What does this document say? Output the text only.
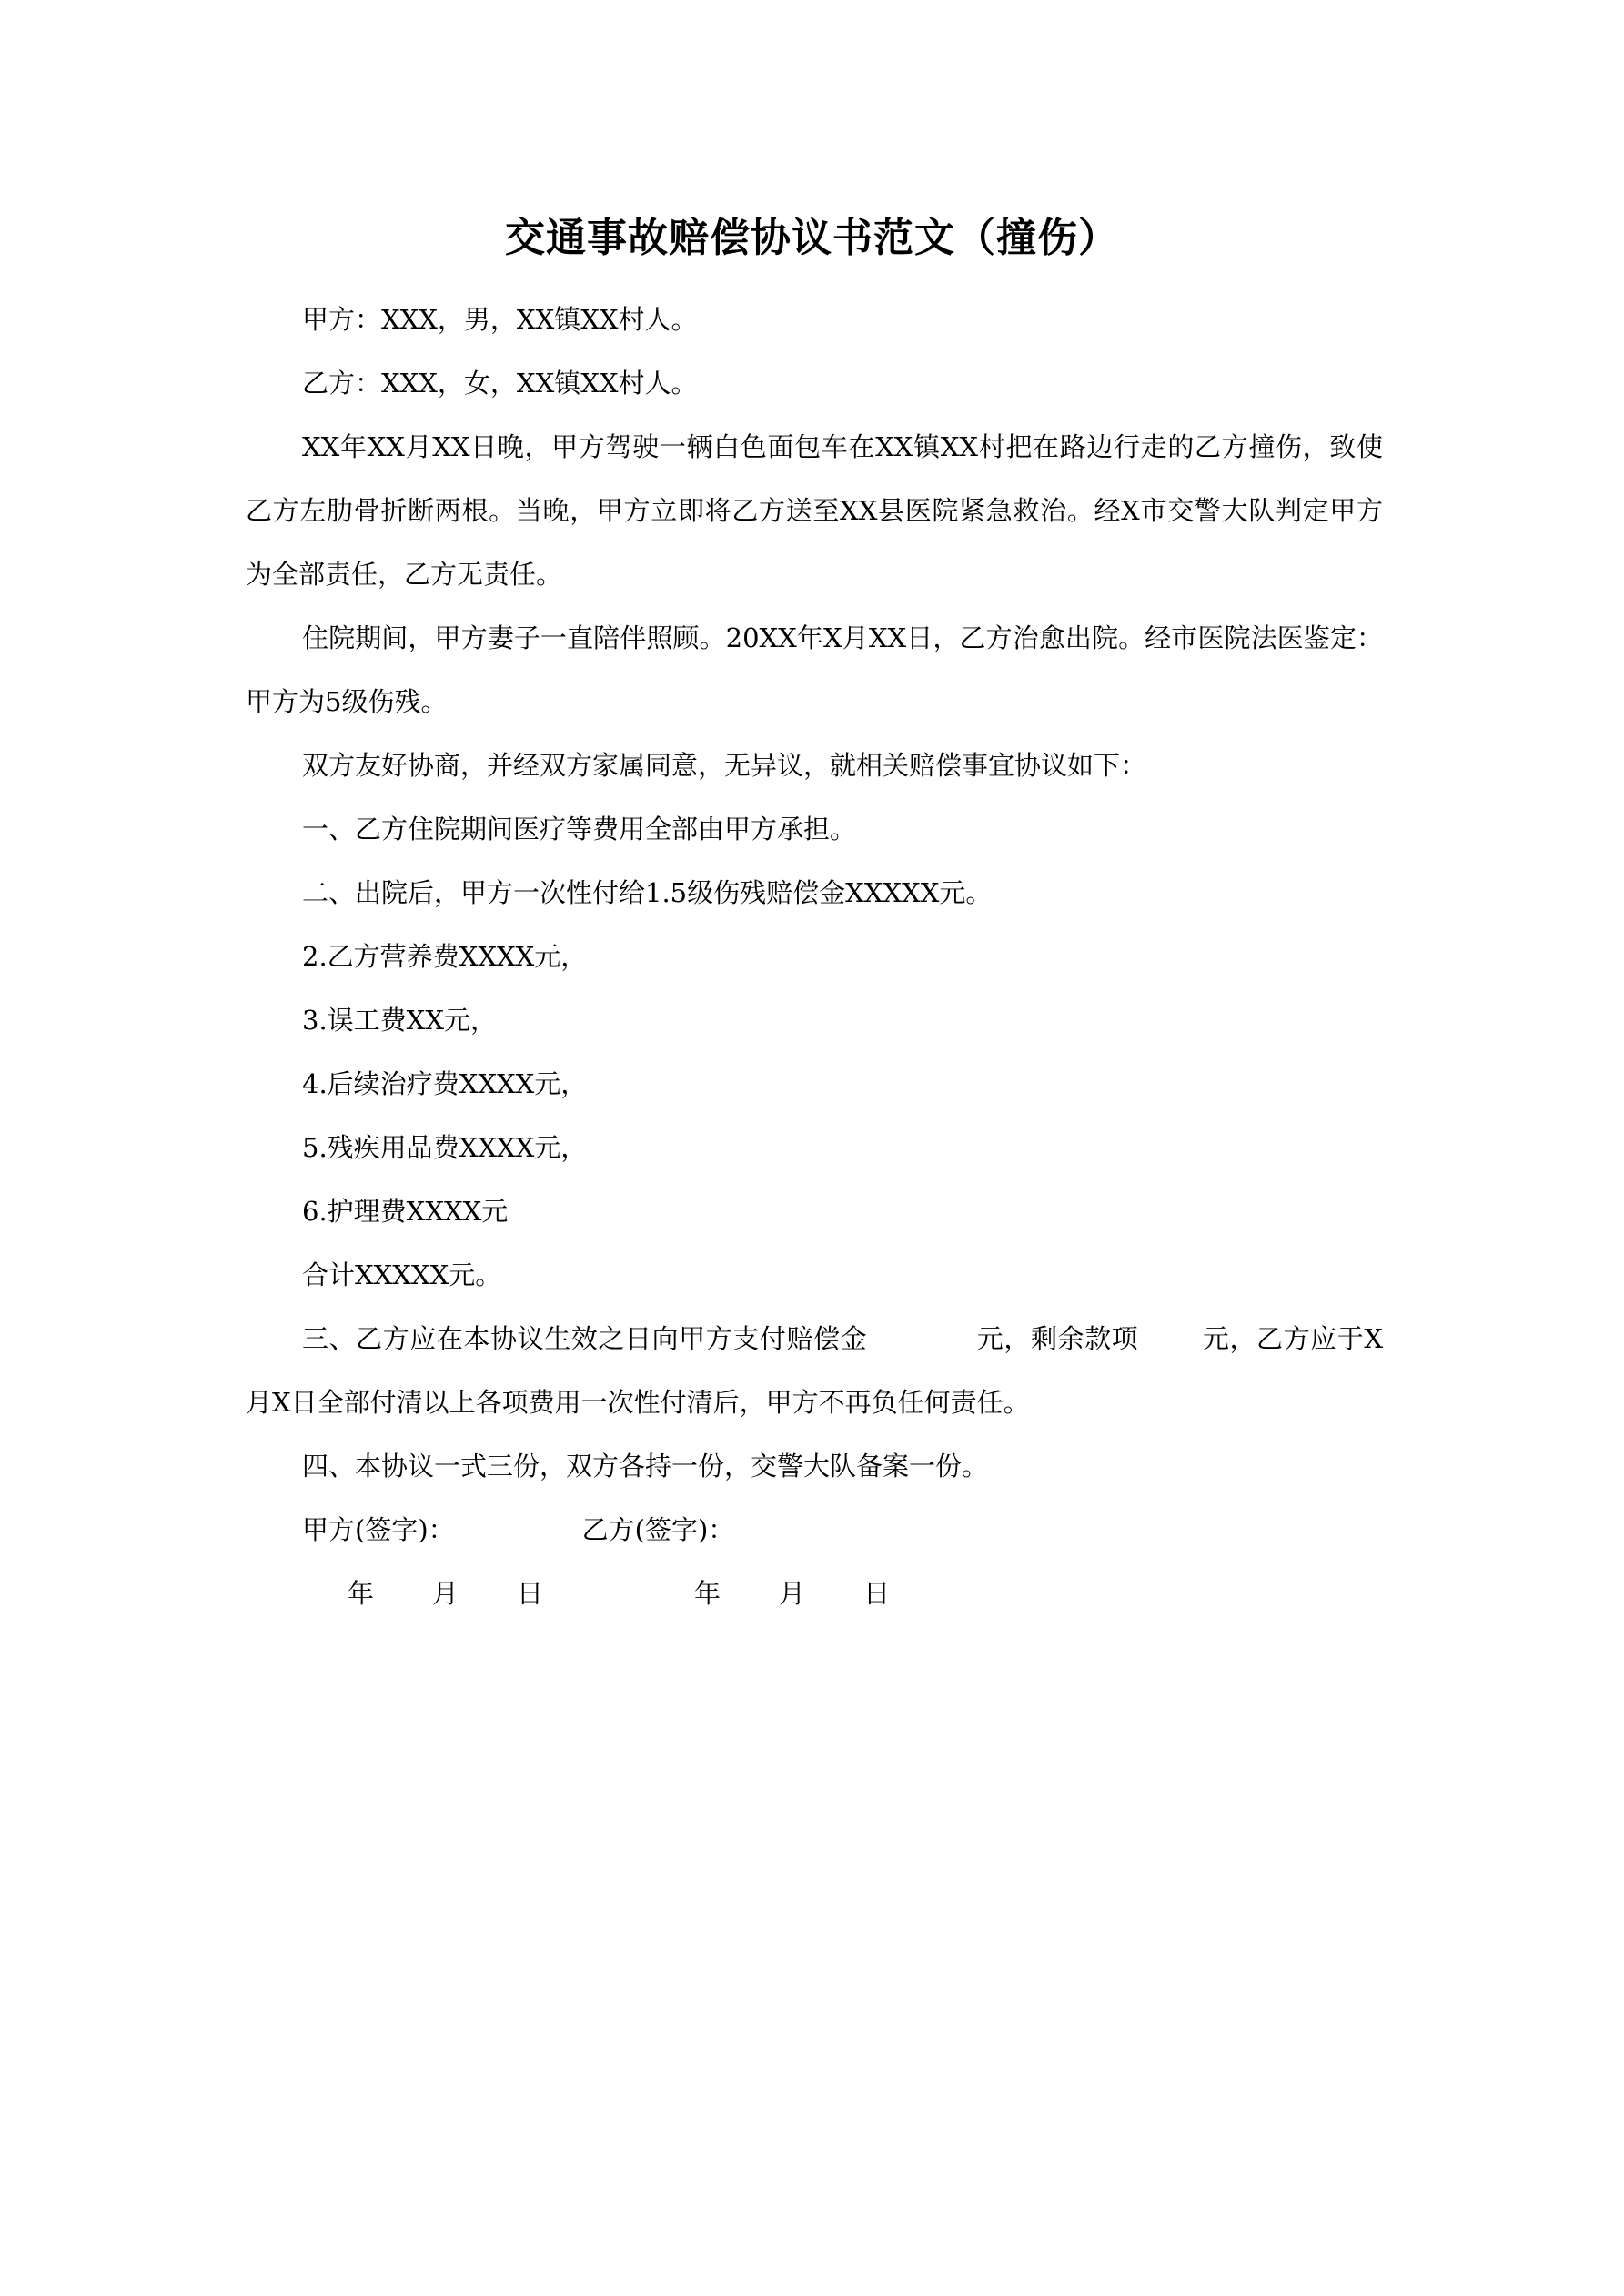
交通事故赔偿协议书范文（撞伤）

甲方：XXX，男，XX镇XX村人。

乙方：XXX，女，XX镇XX村人。

XX年XX月XX日晚，甲方驾驶一辆白色面包车在XX镇XX村把在路边行走的乙方撞伤，致使乙方左肋骨折断两根。当晚，甲方立即将乙方送至XX县医院紧急救治。经X市交警大队判定甲方为全部责任，乙方无责任。

住院期间，甲方妻子一直陪伴照顾。20XX年X月XX日，乙方治愈出院。经市医院法医鉴定：甲方为5级伤残。

双方友好协商，并经双方家属同意，无异议，就相关赔偿事宜协议如下：

一、乙方住院期间医疗等费用全部由甲方承担。

二、出院后，甲方一次性付给1.5级伤残赔偿金XXXXX元。

2.乙方营养费XXXX元，

3.误工费XX元，

4.后续治疗费XXXX元，

5.残疾用品费XXXX元，

6.护理费XXXX元

合计XXXXX元。

三、乙方应在本协议生效之日向甲方支付赔偿金	元，剩余款项 元，乙方应于X月X日全部付清以上各项费用一次性付清后，甲方不再负任何责任。

四、本协议一式三份，双方各持一份，交警大队备案一份。

甲方(签字)：	乙方(签字)：

年 月 日	年 月 日
